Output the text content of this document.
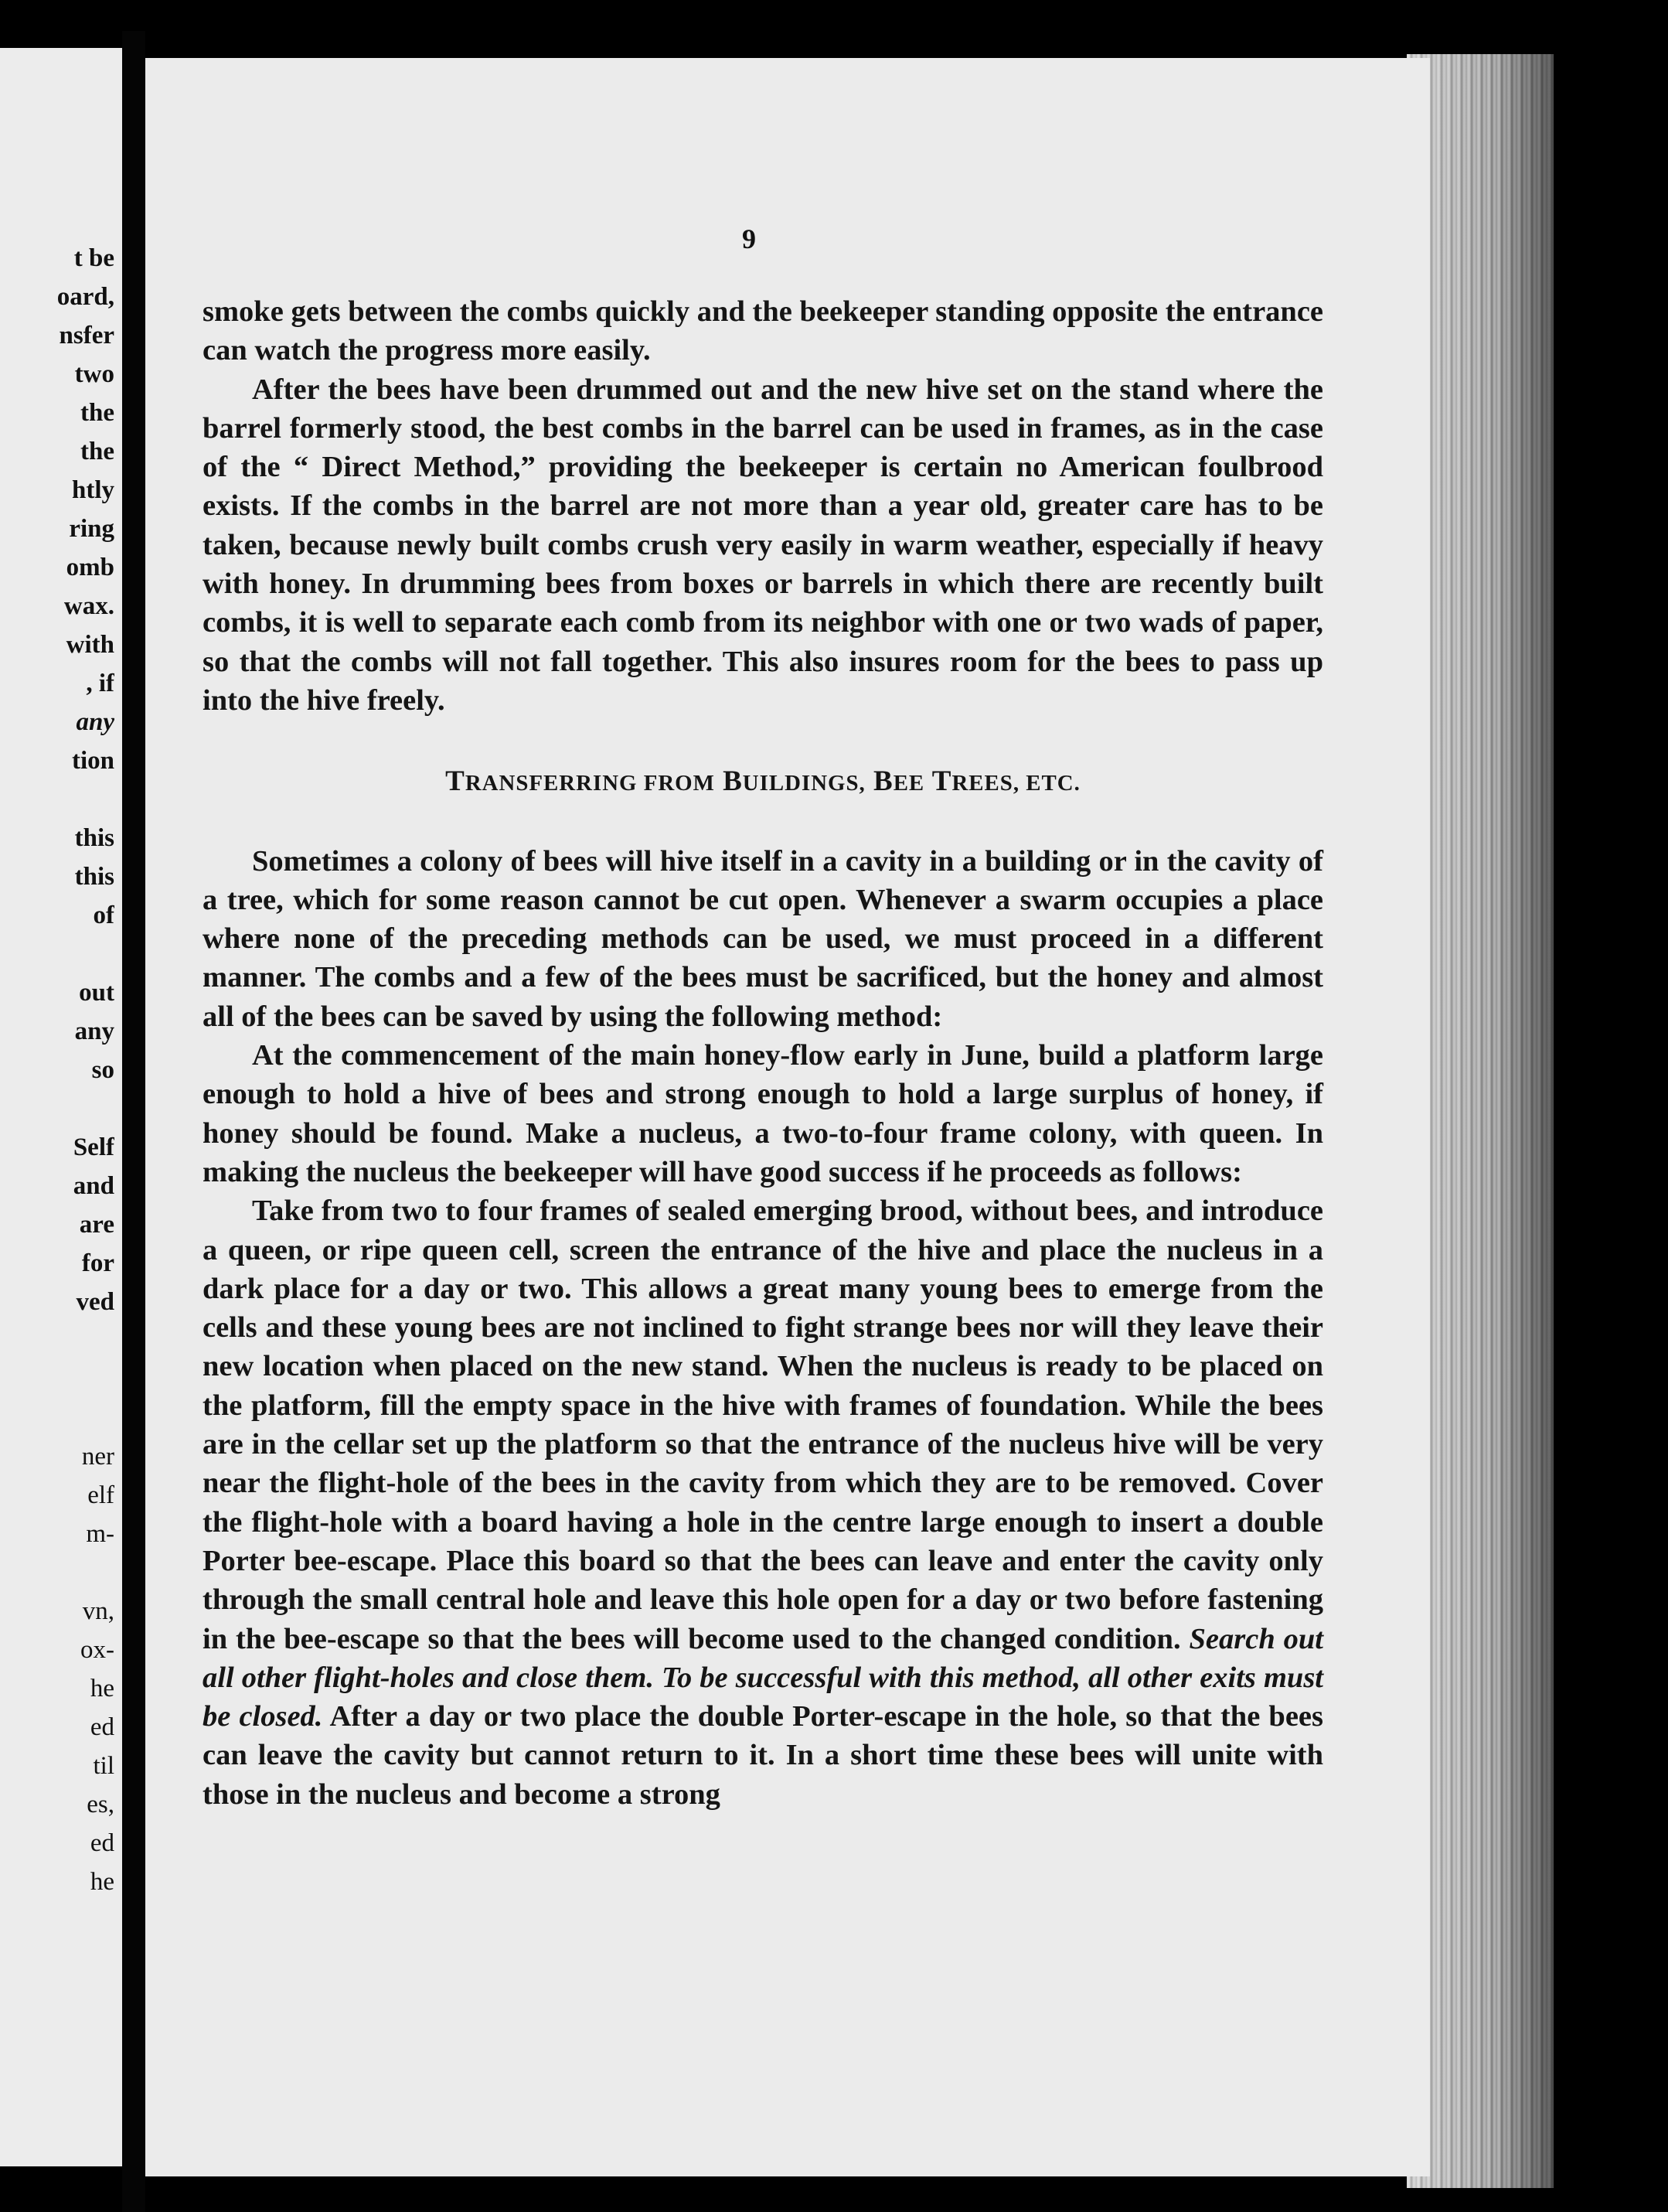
t be
oard,
nsfer
two
the
the
htly
ring
omb
wax.
with
, if
any
tion
this
this
of
out
any
so
Self
and
are
for
ved
ner
elf
m-
vn,
ox-
he
ed
til
es,
ed
he
9

smoke gets between the combs quickly and the beekeeper standing opposite the entrance can watch the progress more easily.

After the bees have been drummed out and the new hive set on the stand where the barrel formerly stood, the best combs in the barrel can be used in frames, as in the case of the “ Direct Method,” providing the beekeeper is certain no American foulbrood exists. If the combs in the barrel are not more than a year old, greater care has to be taken, because newly built combs crush very easily in warm weather, especially if heavy with honey. In drumming bees from boxes or barrels in which there are recently built combs, it is well to separate each comb from its neighbor with one or two wads of paper, so that the combs will not fall together. This also insures room for the bees to pass up into the hive freely.

TRANSFERRING FROM BUILDINGS, BEE TREES, ETC.

Sometimes a colony of bees will hive itself in a cavity in a building or in the cavity of a tree, which for some reason cannot be cut open. Whenever a swarm occupies a place where none of the preceding methods can be used, we must proceed in a different manner. The combs and a few of the bees must be sacrificed, but the honey and almost all of the bees can be saved by using the following method:

At the commencement of the main honey-flow early in June, build a platform large enough to hold a hive of bees and strong enough to hold a large surplus of honey, if honey should be found. Make a nucleus, a two-to-four frame colony, with queen. In making the nucleus the beekeeper will have good success if he proceeds as follows:

Take from two to four frames of sealed emerging brood, without bees, and introduce a queen, or ripe queen cell, screen the entrance of the hive and place the nucleus in a dark place for a day or two. This allows a great many young bees to emerge from the cells and these young bees are not inclined to fight strange bees nor will they leave their new location when placed on the new stand. When the nucleus is ready to be placed on the platform, fill the empty space in the hive with frames of foundation. While the bees are in the cellar set up the platform so that the entrance of the nucleus hive will be very near the flight-hole of the bees in the cavity from which they are to be removed. Cover the flight-hole with a board having a hole in the centre large enough to insert a double Porter bee-escape. Place this board so that the bees can leave and enter the cavity only through the small central hole and leave this hole open for a day or two before fastening in the bee-escape so that the bees will become used to the changed condition. Search out all other flight-holes and close them. To be successful with this method, all other exits must be closed. After a day or two place the double Porter-escape in the hole, so that the bees can leave the cavity but cannot return to it. In a short time these bees will unite with those in the nucleus and become a strong
